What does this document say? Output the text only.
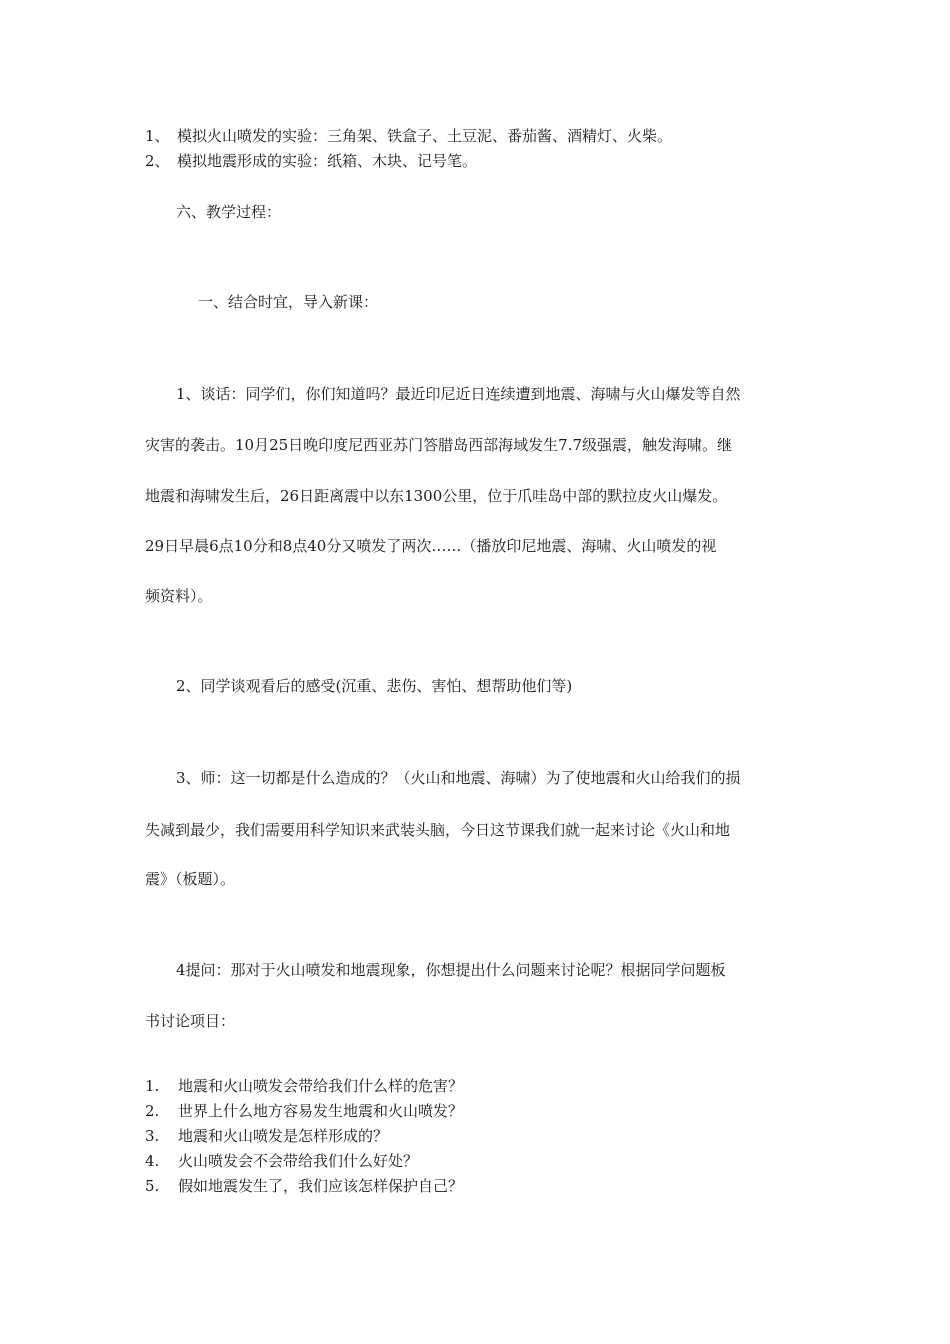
1、 模拟火山喷发的实验：三角架、铁盒子、土豆泥、番茄酱、酒精灯、火柴。
2、 模拟地震形成的实验：纸箱、木块、记号笔。
六、教学过程：
一、结合时宜，导入新课：
1、谈话：同学们，你们知道吗？最近印尼近日连续遭到地震、海啸与火山爆发等自然
灾害的袭击。10月25日晚印度尼西亚苏门答腊岛西部海域发生7.7级强震，触发海啸。继
地震和海啸发生后，26日距离震中以东1300公里，位于爪哇岛中部的默拉皮火山爆发。
29日早晨6点10分和8点40分又喷发了两次……（播放印尼地震、海啸、火山喷发的视
频资料）。
2、同学谈观看后的感受(沉重、悲伤、害怕、想帮助他们等)
3、师：这一切都是什么造成的？（火山和地震、海啸）为了使地震和火山给我们的损
失减到最少，我们需要用科学知识来武装头脑，今日这节课我们就一起来讨论《火山和地
震》（板题）。
4提问：那对于火山喷发和地震现象，你想提出什么问题来讨论呢？根据同学问题板
书讨论项目：
1. 地震和火山喷发会带给我们什么样的危害？
2. 世界上什么地方容易发生地震和火山喷发？
3. 地震和火山喷发是怎样形成的？
4. 火山喷发会不会带给我们什么好处？
5. 假如地震发生了，我们应该怎样保护自己？
